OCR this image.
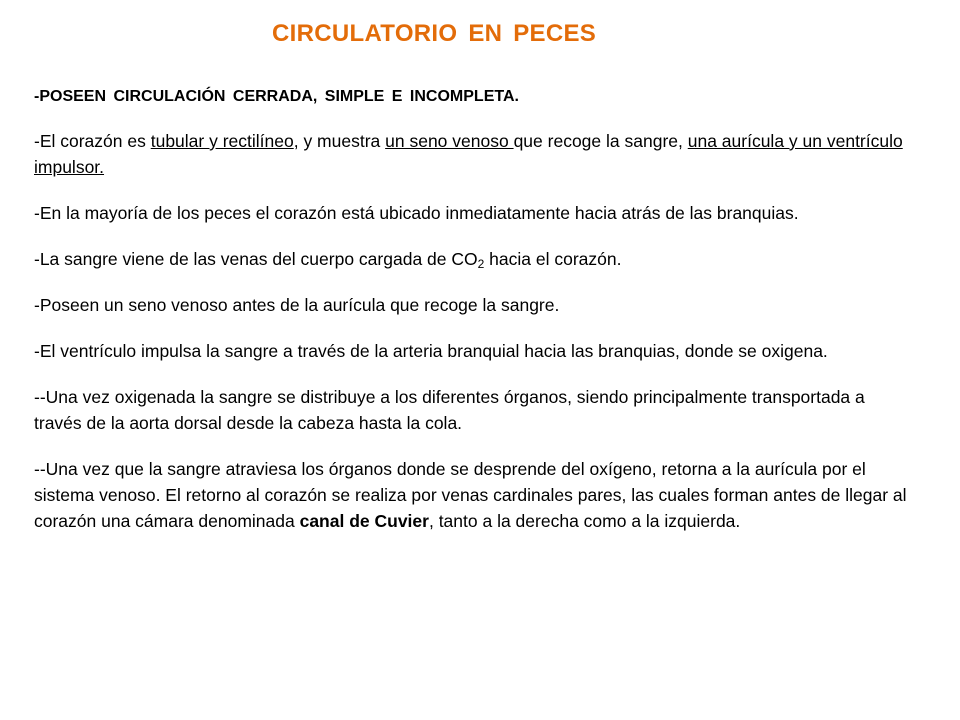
CIRCULATORIO EN PECES

-POSEEN CIRCULACIÓN CERRADA, SIMPLE E INCOMPLETA.

-El corazón es tubular y rectilíneo, y muestra un seno venoso que recoge la sangre, una aurícula y un ventrículo impulsor.

-En la mayoría de los peces el corazón está ubicado inmediatamente hacia atrás de las branquias.

-La sangre viene de las venas del cuerpo cargada de $CO_2$ hacia el corazón.

-Poseen un seno venoso antes de la aurícula que recoge la sangre.

-El ventrículo impulsa la sangre a través de la arteria branquial hacia las branquias, donde se oxigena.

--Una vez oxigenada la sangre se distribuye a los diferentes órganos, siendo principalmente transportada a través de la aorta dorsal desde la cabeza hasta la cola.

--Una vez que la sangre atraviesa los órganos donde se desprende del oxígeno, retorna a la aurícula por el sistema venoso. El retorno al corazón se realiza por venas cardinales pares, las cuales forman antes de llegar al corazón una cámara denominada canal de Cuvier, tanto a la derecha como a la izquierda.
